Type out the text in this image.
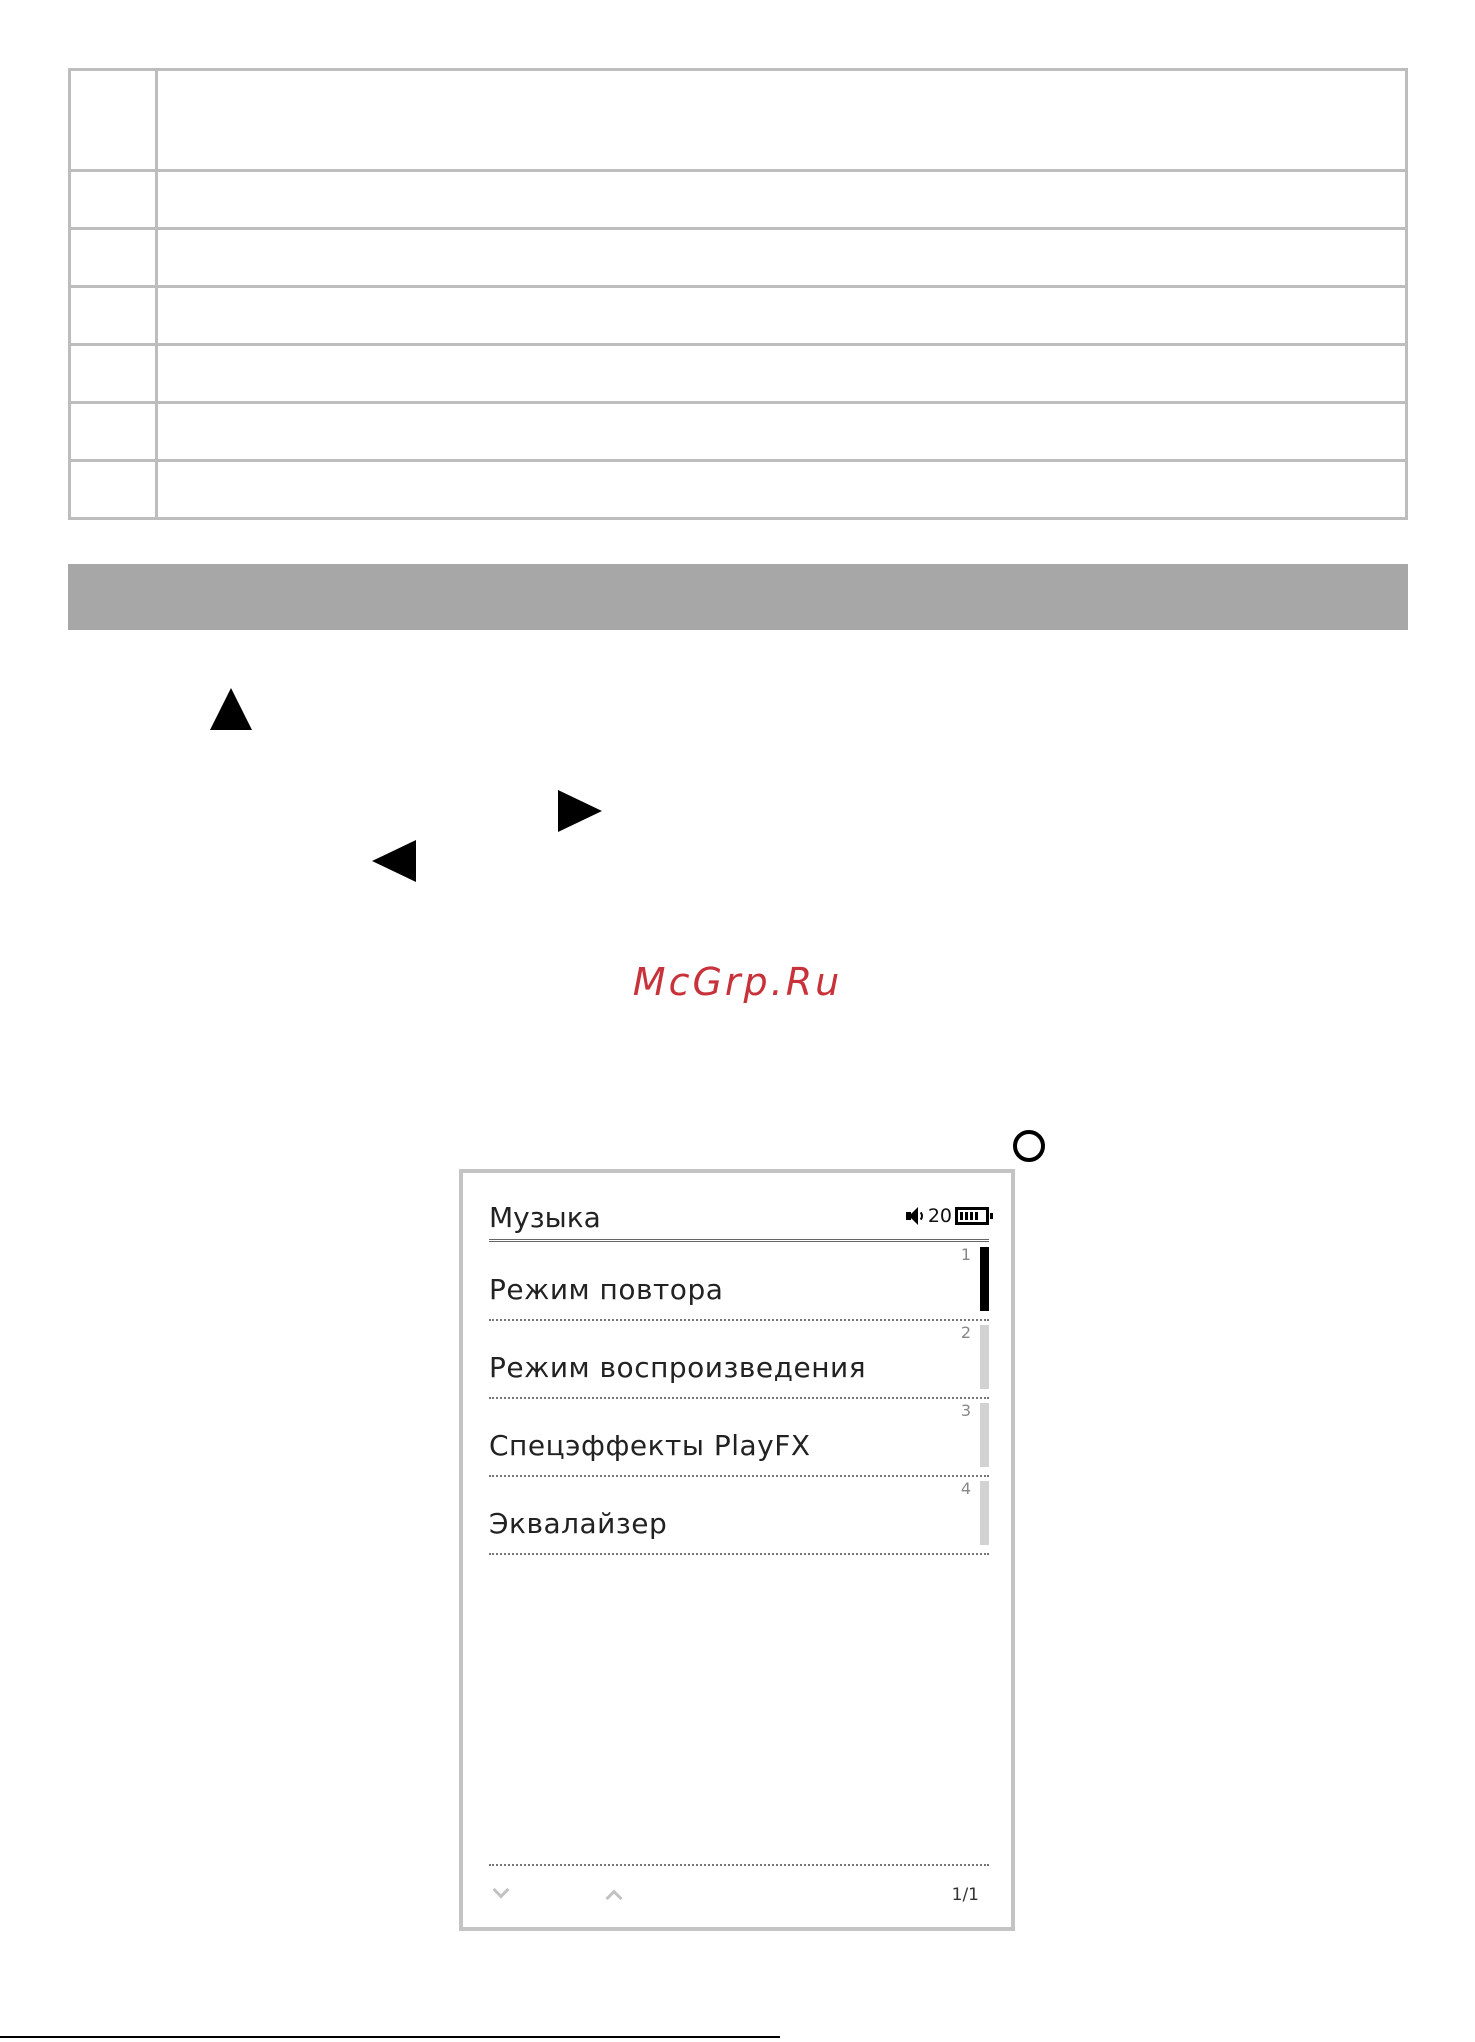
McGrp.Ru
Музыка	20
Режим повтора
1
Режим воспроизведения
2
Спецэффекты PlayFX
3
Эквалайзер
4
1/1
